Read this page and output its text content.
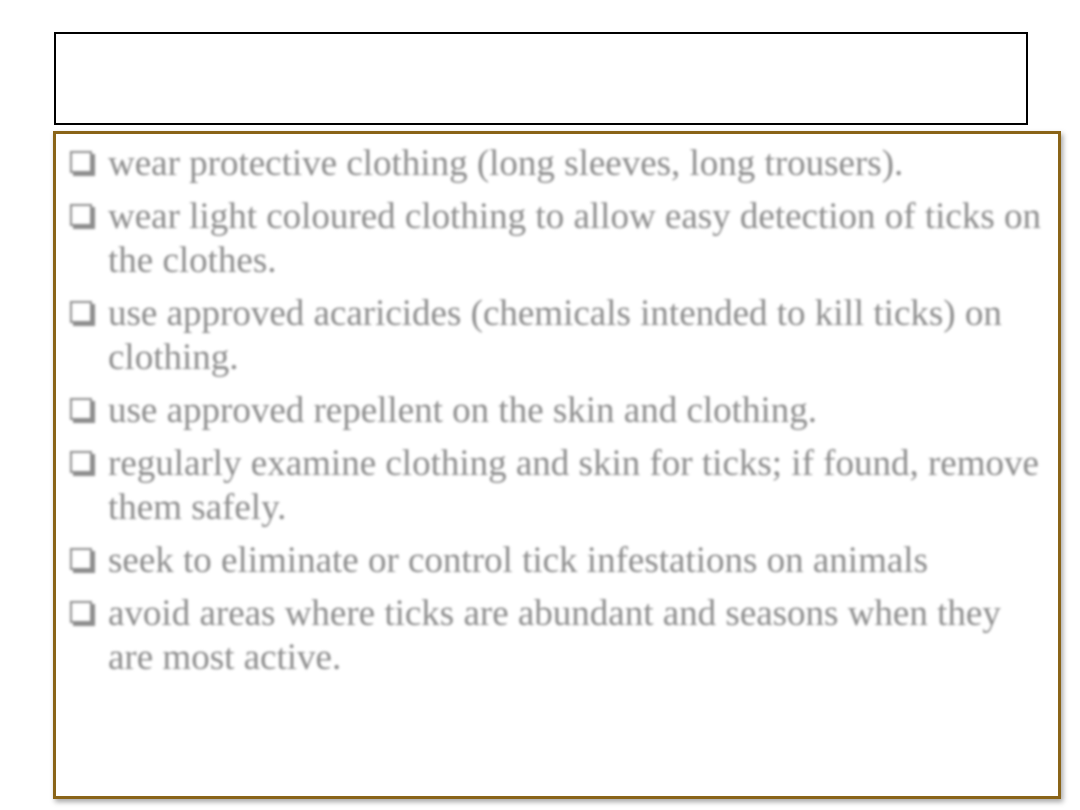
wear protective clothing (long sleeves, long trousers).
wear light coloured clothing to allow easy detection of ticks on the clothes.
use approved acaricides (chemicals intended to kill ticks) on clothing.
use approved repellent on the skin and clothing.
regularly examine clothing and skin for ticks; if found, remove them safely.
seek to eliminate or control tick infestations on animals
avoid areas where ticks are abundant and seasons when they are most active.
